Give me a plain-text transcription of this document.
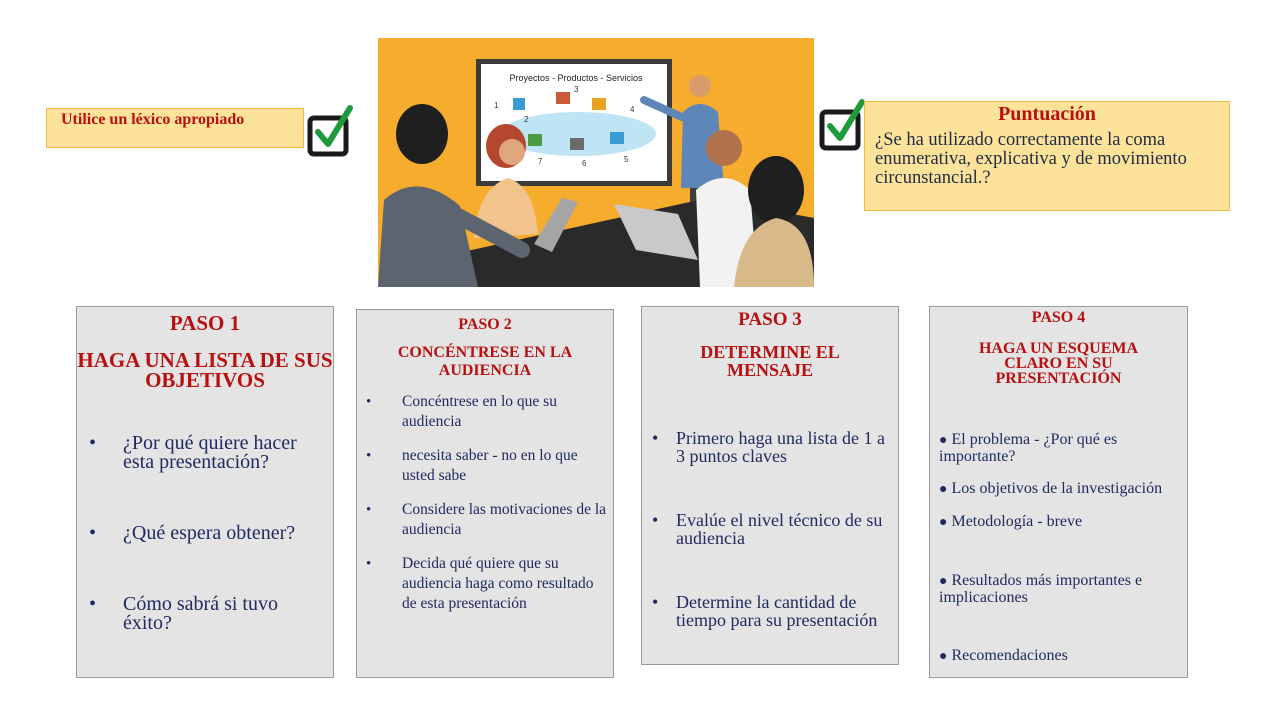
Utilice un léxico apropiado	Puntuación
¿Se ha utilizado correctamente la coma enumerativa, explicativa y de movimiento circunstancial.?
Proyectos - Productos - Servicios
1
2
3
4
5
6
7
PASO 1
HAGA UNA LISTA DE SUS OBJETIVOS
• ¿Por qué quiere hacer esta presentación?
• ¿Qué espera obtener?
• Cómo sabrá si tuvo éxito?
PASO 2
CONCÉNTRESE EN LA AUDIENCIA
• Concéntrese en lo que su audiencia
• necesita saber - no en lo que usted sabe
• Considere las motivaciones de la audiencia
• Decida qué quiere que su audiencia haga como resultado de esta presentación
PASO 3
DETERMINE EL MENSAJE
• Primero haga una lista de 1 a 3 puntos claves
• Evalúe el nivel técnico de su audiencia
• Determine la cantidad de tiempo para su presentación
PASO 4
HAGA UN ESQUEMA CLARO EN SU PRESENTACIÓN
● El problema - ¿Por qué es importante?
● Los objetivos de la investigación
● Metodología - breve
● Resultados más importantes e implicaciones
● Recomendaciones
